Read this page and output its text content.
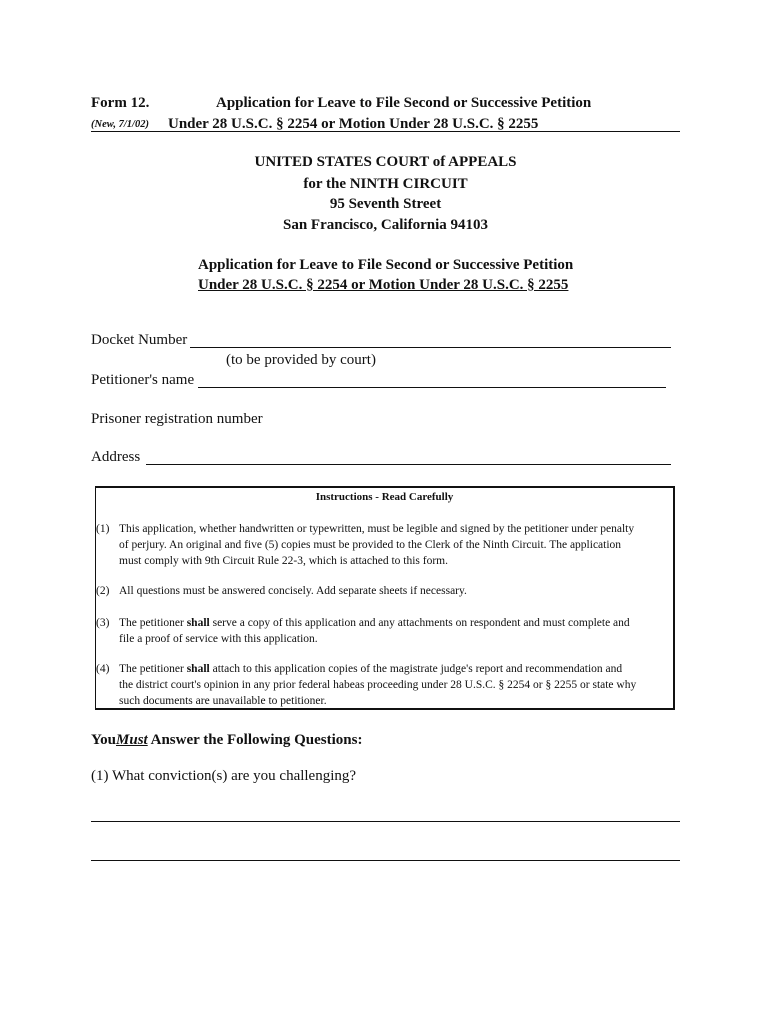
Form 12.	Application for Leave to File Second or Successive Petition
(New, 7/1/02) Under 28 U.S.C. § 2254 or Motion Under 28 U.S.C. § 2255
UNITED STATES COURT of APPEALS
for the NINTH CIRCUIT
95 Seventh Street
San Francisco, California 94103
Application for Leave to File Second or Successive Petition
Under 28 U.S.C. § 2254 or Motion Under 28 U.S.C. § 2255
Docket Number
(to be provided by court)
Petitioner's name
Prisoner registration number
Address
Instructions - Read Carefully
(1) This application, whether handwritten or typewritten, must be legible and signed by the petitioner under penalty
of perjury. An original and five (5) copies must be provided to the Clerk of the Ninth Circuit. The application
must comply with 9th Circuit Rule 22-3, which is attached to this form.
(2) All questions must be answered concisely. Add separate sheets if necessary.
(3) The petitioner shall serve a copy of this application and any attachments on respondent and must complete and
file a proof of service with this application.
(4) The petitioner shall attach to this application copies of the magistrate judge's report and recommendation and
the district court's opinion in any prior federal habeas proceeding under 28 U.S.C. § 2254 or § 2255 or state why
such documents are unavailable to petitioner.
YouMust Answer the Following Questions:
(1) What conviction(s) are you challenging?
